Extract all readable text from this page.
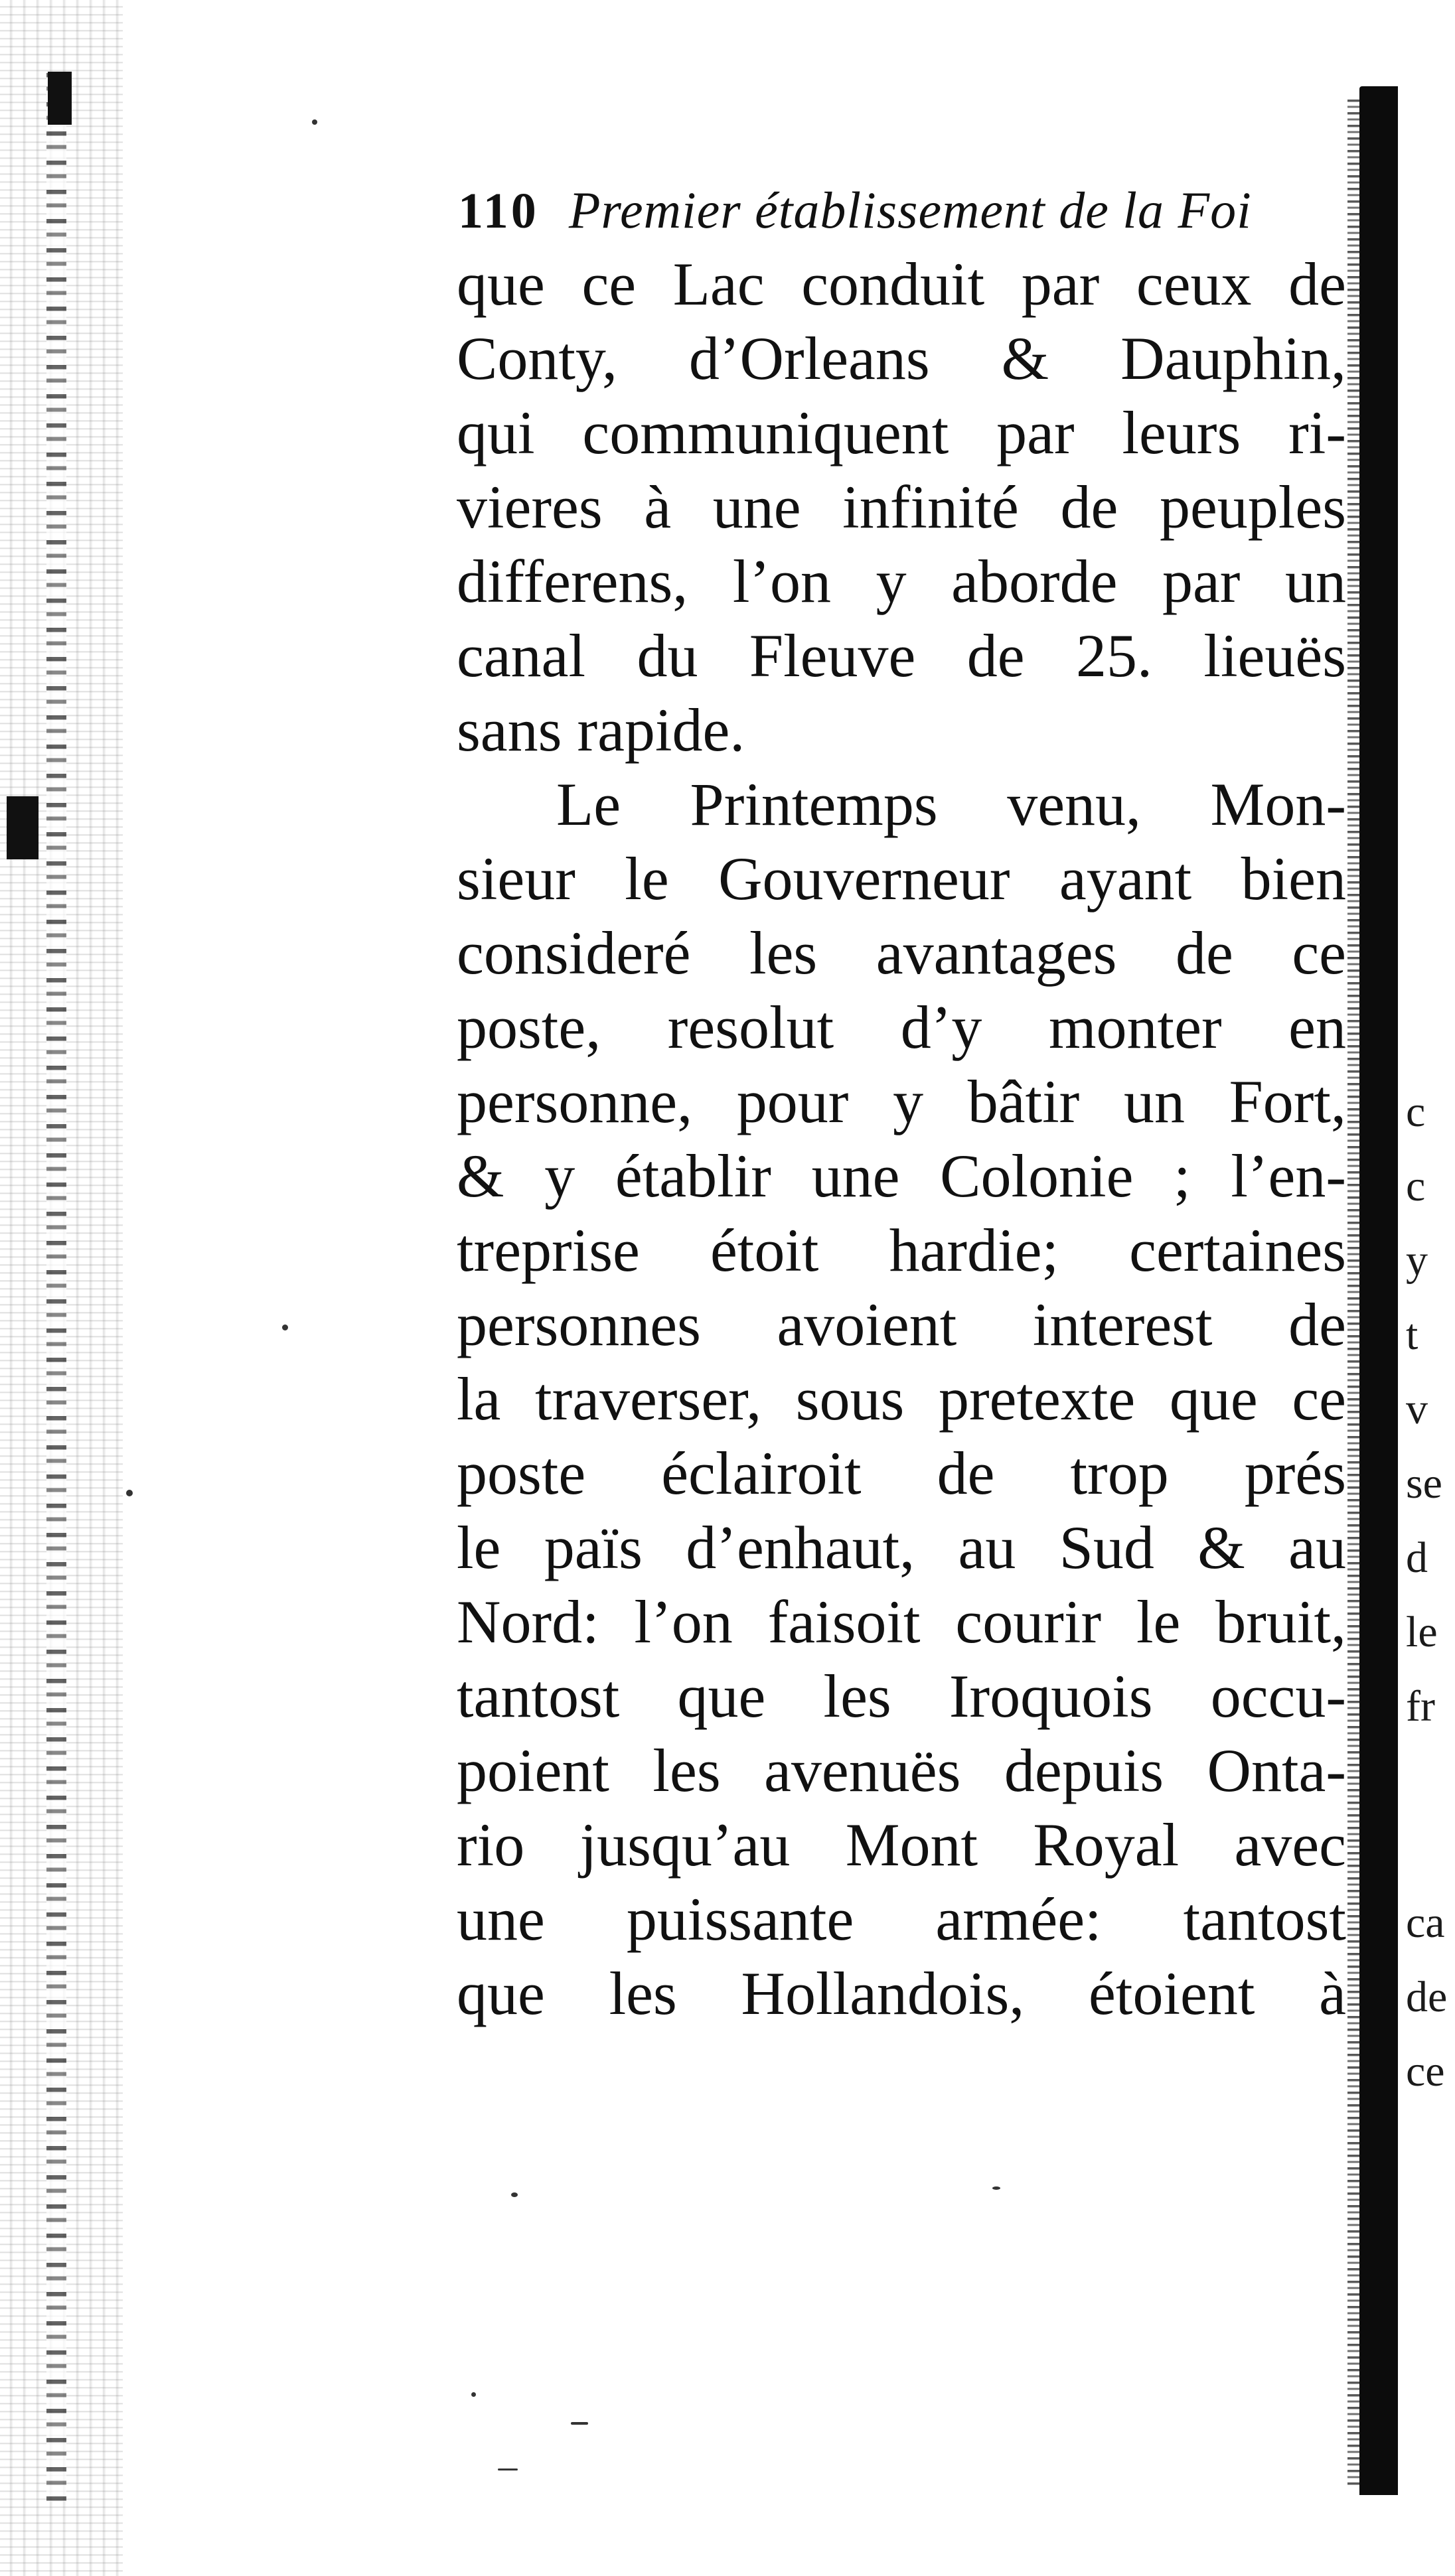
c
c
y
t
v
se
d
le
fr
ca
de
ce
110 Premier établissement de la Foi
que ce Lac conduit par ceux de
Conty, d’Orleans & Dauphin,
qui communiquent par leurs ri-
vieres à une infinité de peuples
differens, l’on y aborde par un
canal du Fleuve de 25. lieuës
sans rapide.
Le Printemps venu, Mon-
sieur le Gouverneur ayant bien
consideré les avantages de ce
poste, resolut d’y monter en
personne, pour y bâtir un Fort,
& y établir une Colonie ; l’en-
treprise étoit hardie; certaines
personnes avoient interest de
la traverser, sous pretexte que ce
poste éclairoit de trop prés
le païs d’enhaut, au Sud & au
Nord: l’on faisoit courir le bruit,
tantost que les Iroquois occu-
poient les avenuës depuis Onta-
rio jusqu’au Mont Royal avec
une puissante armée: tantost
que les Hollandois, étoient à
